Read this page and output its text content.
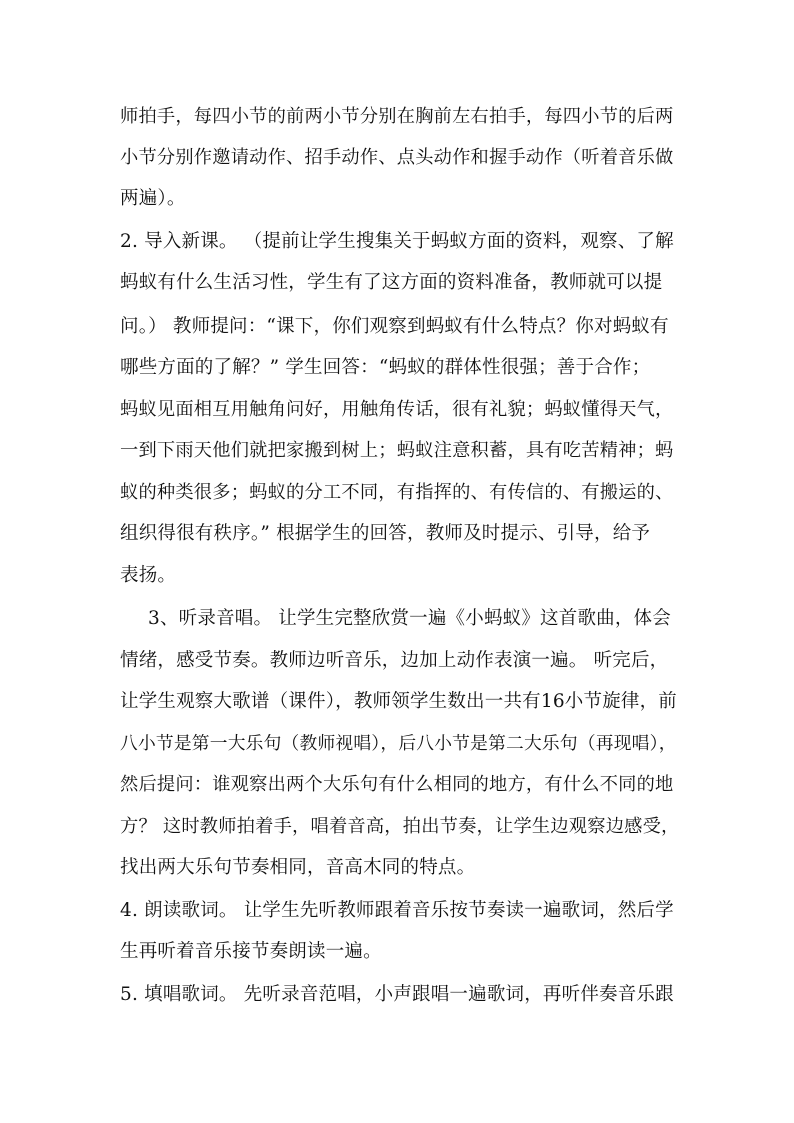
师拍手，每四小节的前两小节分别在胸前左右拍手，每四小节的后两
小节分别作邀请动作、招手动作、点头动作和握手动作（听着音乐做
两遍）。
2. 导入新课。 （提前让学生搜集关于蚂蚁方面的资料，观察、了解
蚂蚁有什么生活习性，学生有了这方面的资料准备，教师就可以提
问。） 教师提问：“课下，你们观察到蚂蚁有什么特点？你对蚂蚁有
哪些方面的了解？” 学生回答：“蚂蚁的群体性很强；善于合作；
蚂蚁见面相互用触角问好，用触角传话，很有礼貌；蚂蚁懂得天气，
一到下雨天他们就把家搬到树上；蚂蚁注意积蓄，具有吃苦精神；蚂
蚁的种类很多；蚂蚁的分工不同，有指挥的、有传信的、有搬运的、
组织得很有秩序。” 根据学生的回答，教师及时提示、引导，给予
表扬。
3、听录音唱。 让学生完整欣赏一遍《小蚂蚁》这首歌曲，体会
情绪，感受节奏。教师边听音乐，边加上动作表演一遍。 听完后，
让学生观察大歌谱（课件），教师领学生数出一共有16小节旋律，前
八小节是第一大乐句（教师视唱），后八小节是第二大乐句（再现唱），
然后提问：谁观察出两个大乐句有什么相同的地方，有什么不同的地
方？ 这时教师拍着手，唱着音高，拍出节奏，让学生边观察边感受，
找出两大乐句节奏相同，音高木同的特点。
4. 朗读歌词。 让学生先听教师跟着音乐按节奏读一遍歌词，然后学
生再听着音乐接节奏朗读一遍。
5. 填唱歌词。 先听录音范唱，小声跟唱一遍歌词，再听伴奏音乐跟
